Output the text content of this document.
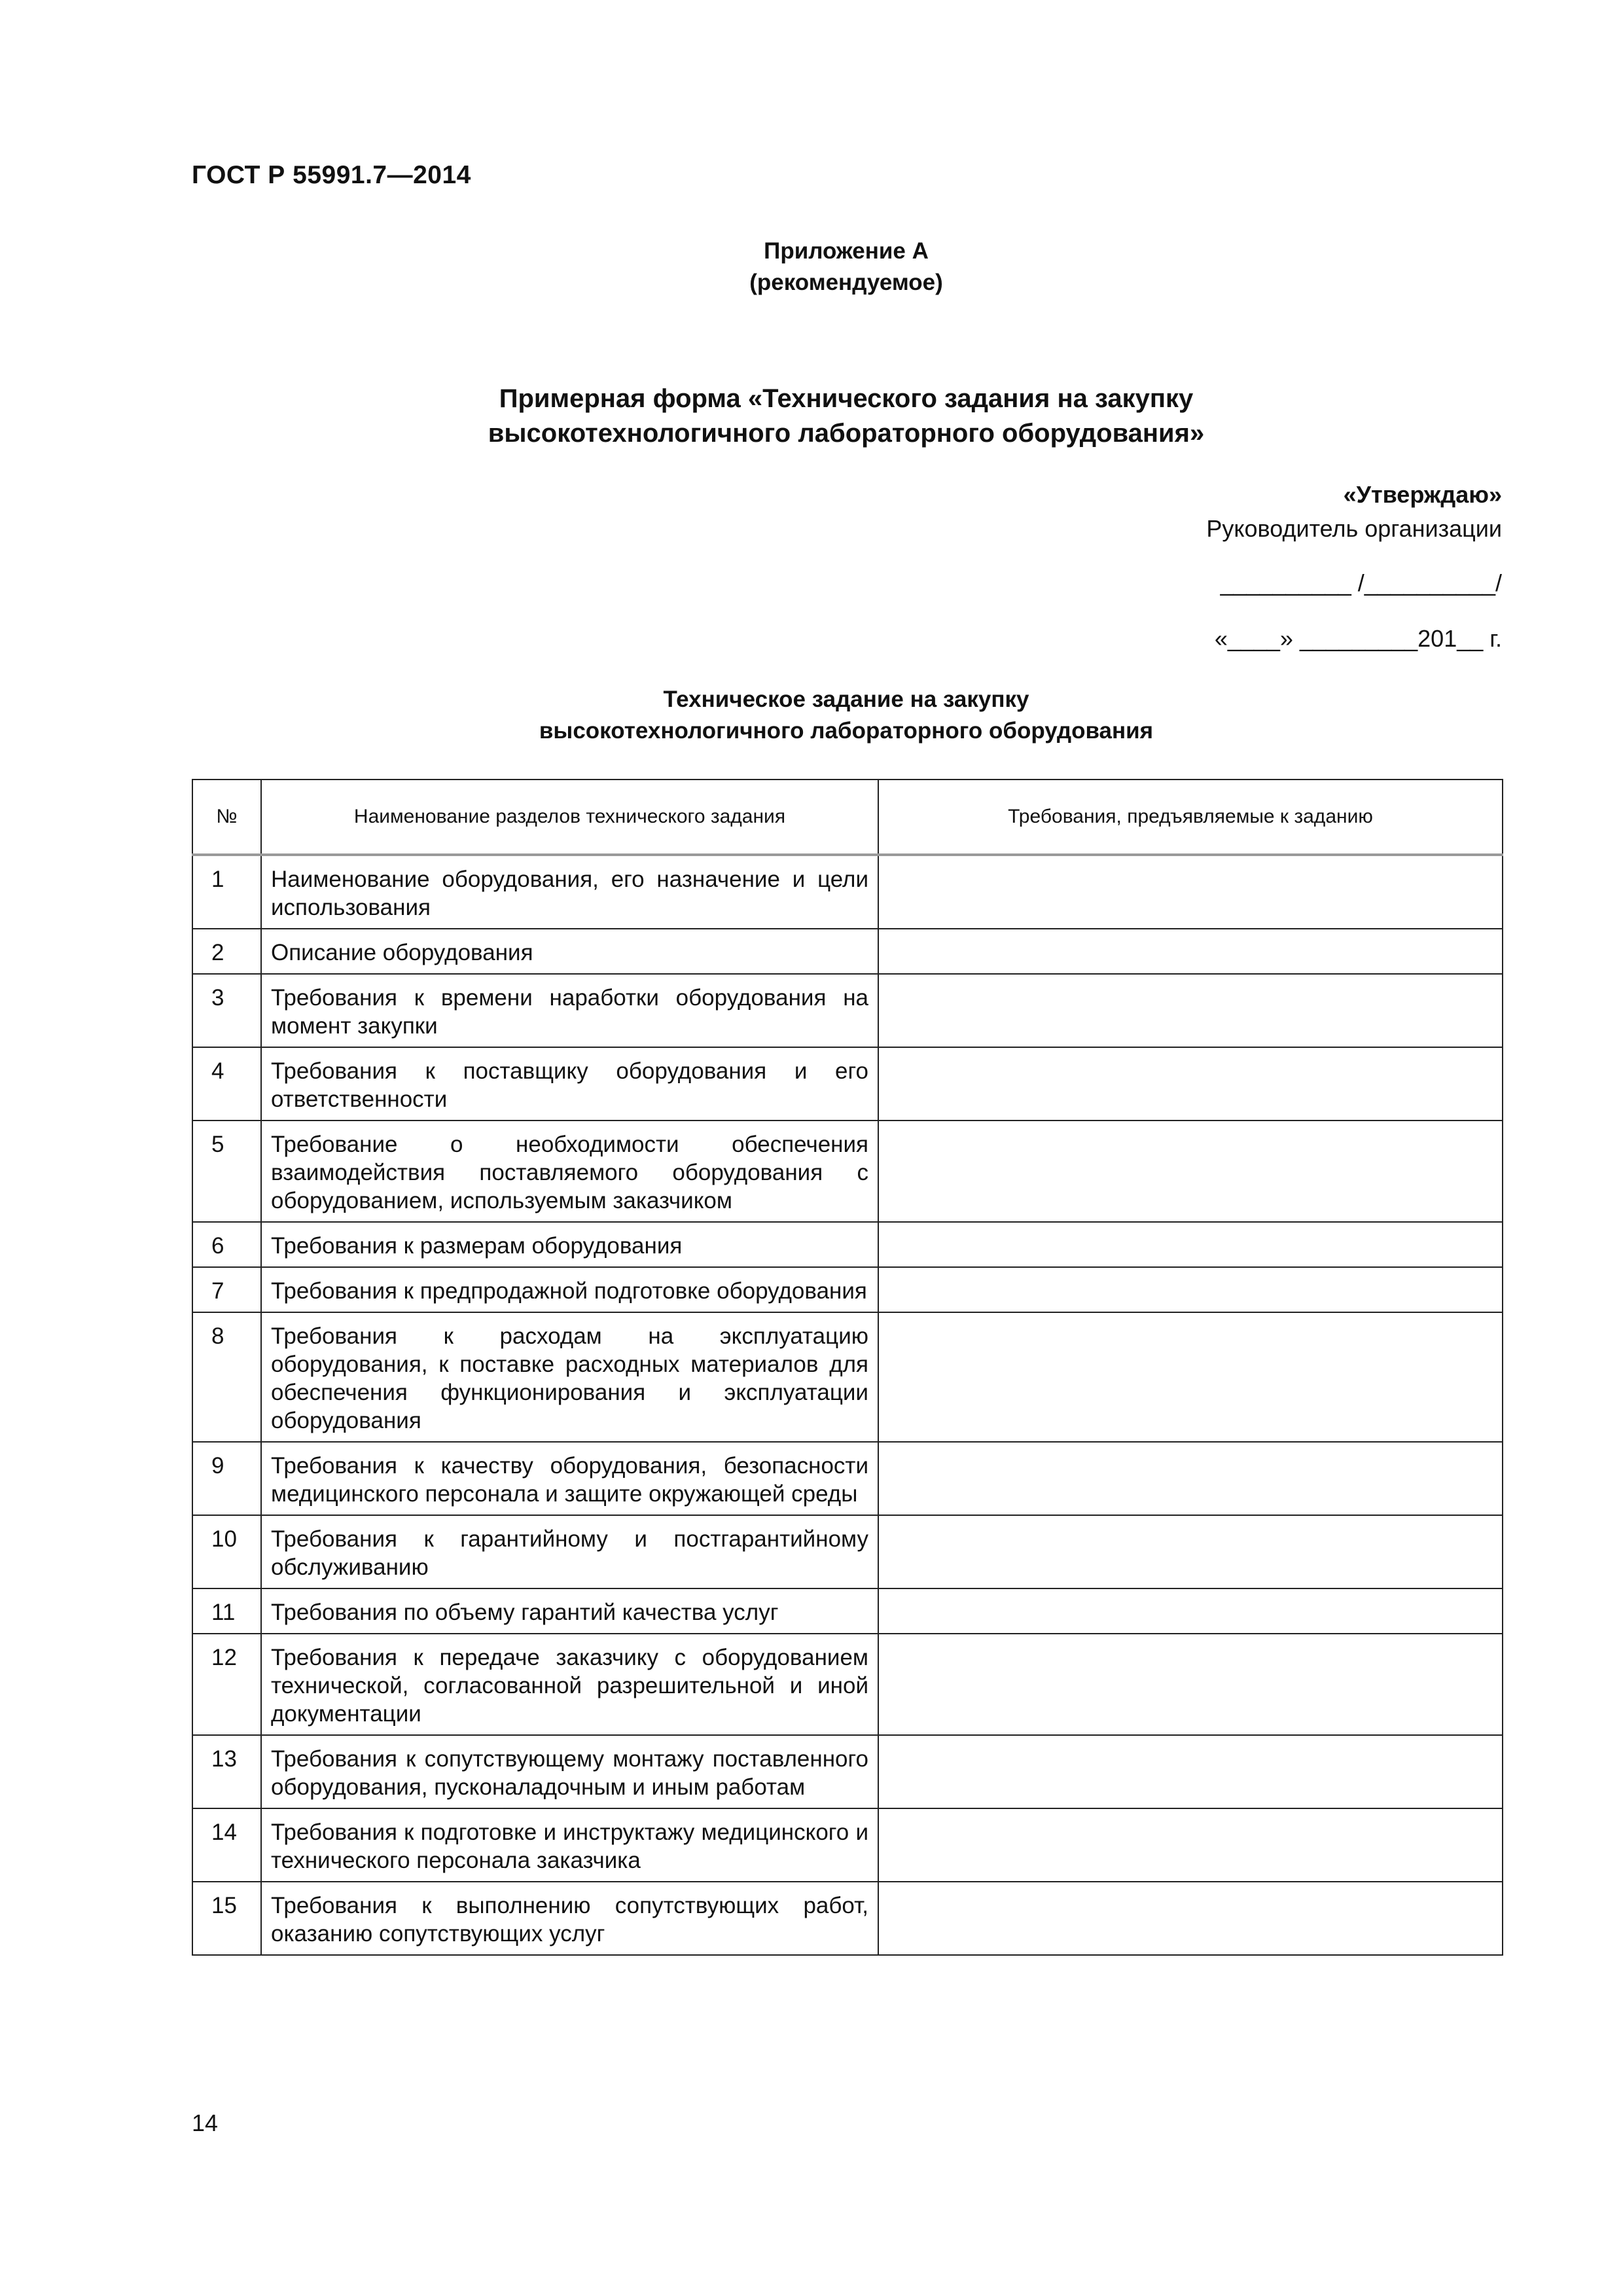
ГОСТ Р 55991.7—2014
Приложение А
(рекомендуемое)
Примерная форма «Технического задания на закупку
высокотехнологичного лабораторного оборудования»
«Утверждаю»
Руководитель организации
__________ /__________/
«____» _________201__ г.
Техническое задание на закупку
высокотехнологичного лабораторного оборудования
№	Наименование разделов технического задания	Требования, предъявляемые к заданию
1	Наименование оборудования, его назначение и цели использования	
2	Описание оборудования	
3	Требования к времени наработки оборудования на момент закупки	
4	Требования к поставщику оборудования и его ответственности	
5	Требование о необходимости обеспечения взаимодействия поставляемого оборудования с оборудованием, используемым заказчиком	
6	Требования к размерам оборудования	
7	Требования к предпродажной подготовке оборудования	
8	Требования к расходам на эксплуатацию оборудования, к поставке расходных материалов для обеспечения функционирования и эксплуатации оборудования	
9	Требования к качеству оборудования, безопасности медицинского персонала и защите окружающей среды	
10	Требования к гарантийному и постгарантийному обслуживанию	
11	Требования по объему гарантий качества услуг	
12	Требования к передаче заказчику с оборудованием технической, согласованной разрешительной и иной документации	
13	Требования к сопутствующему монтажу поставленного оборудования, пусконаладочным и иным работам	
14	Требования к подготовке и инструктажу медицинского и технического персонала заказчика	
15	Требования к выполнению сопутствующих работ, оказанию сопутствующих услуг	
14
